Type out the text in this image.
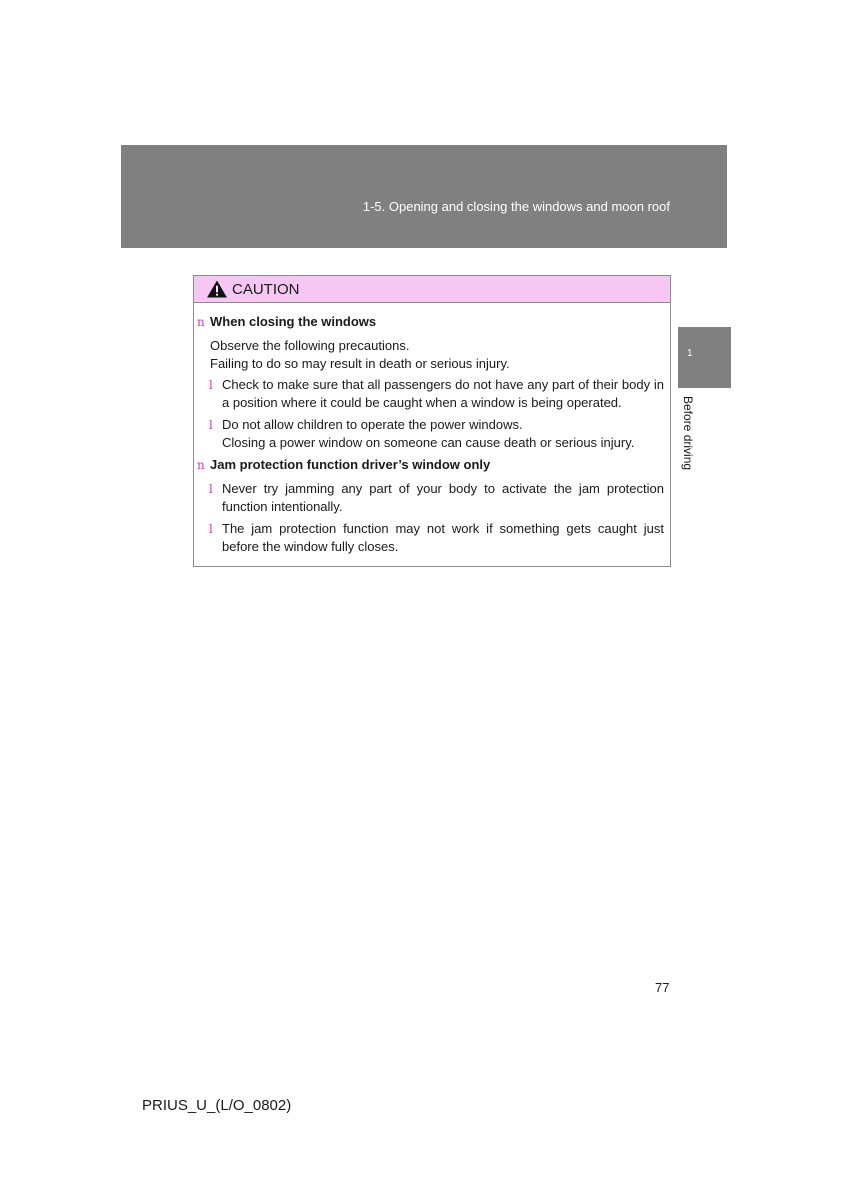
1-5. Opening and closing the windows and moon roof
1
Before driving
CAUTION
n When closing the windows
Observe the following precautions.
Failing to do so may result in death or serious injury.
l Check to make sure that all passengers do not have any part of their body in a position where it could be caught when a window is being operated.
l Do not allow children to operate the power windows.
Closing a power window on someone can cause death or serious injury.
n Jam protection function driver’s window only
l Never try jamming any part of your body to activate the jam protection function intentionally.
l The jam protection function may not work if something gets caught just before the window fully closes.
77
PRIUS_U_(L/O_0802)
